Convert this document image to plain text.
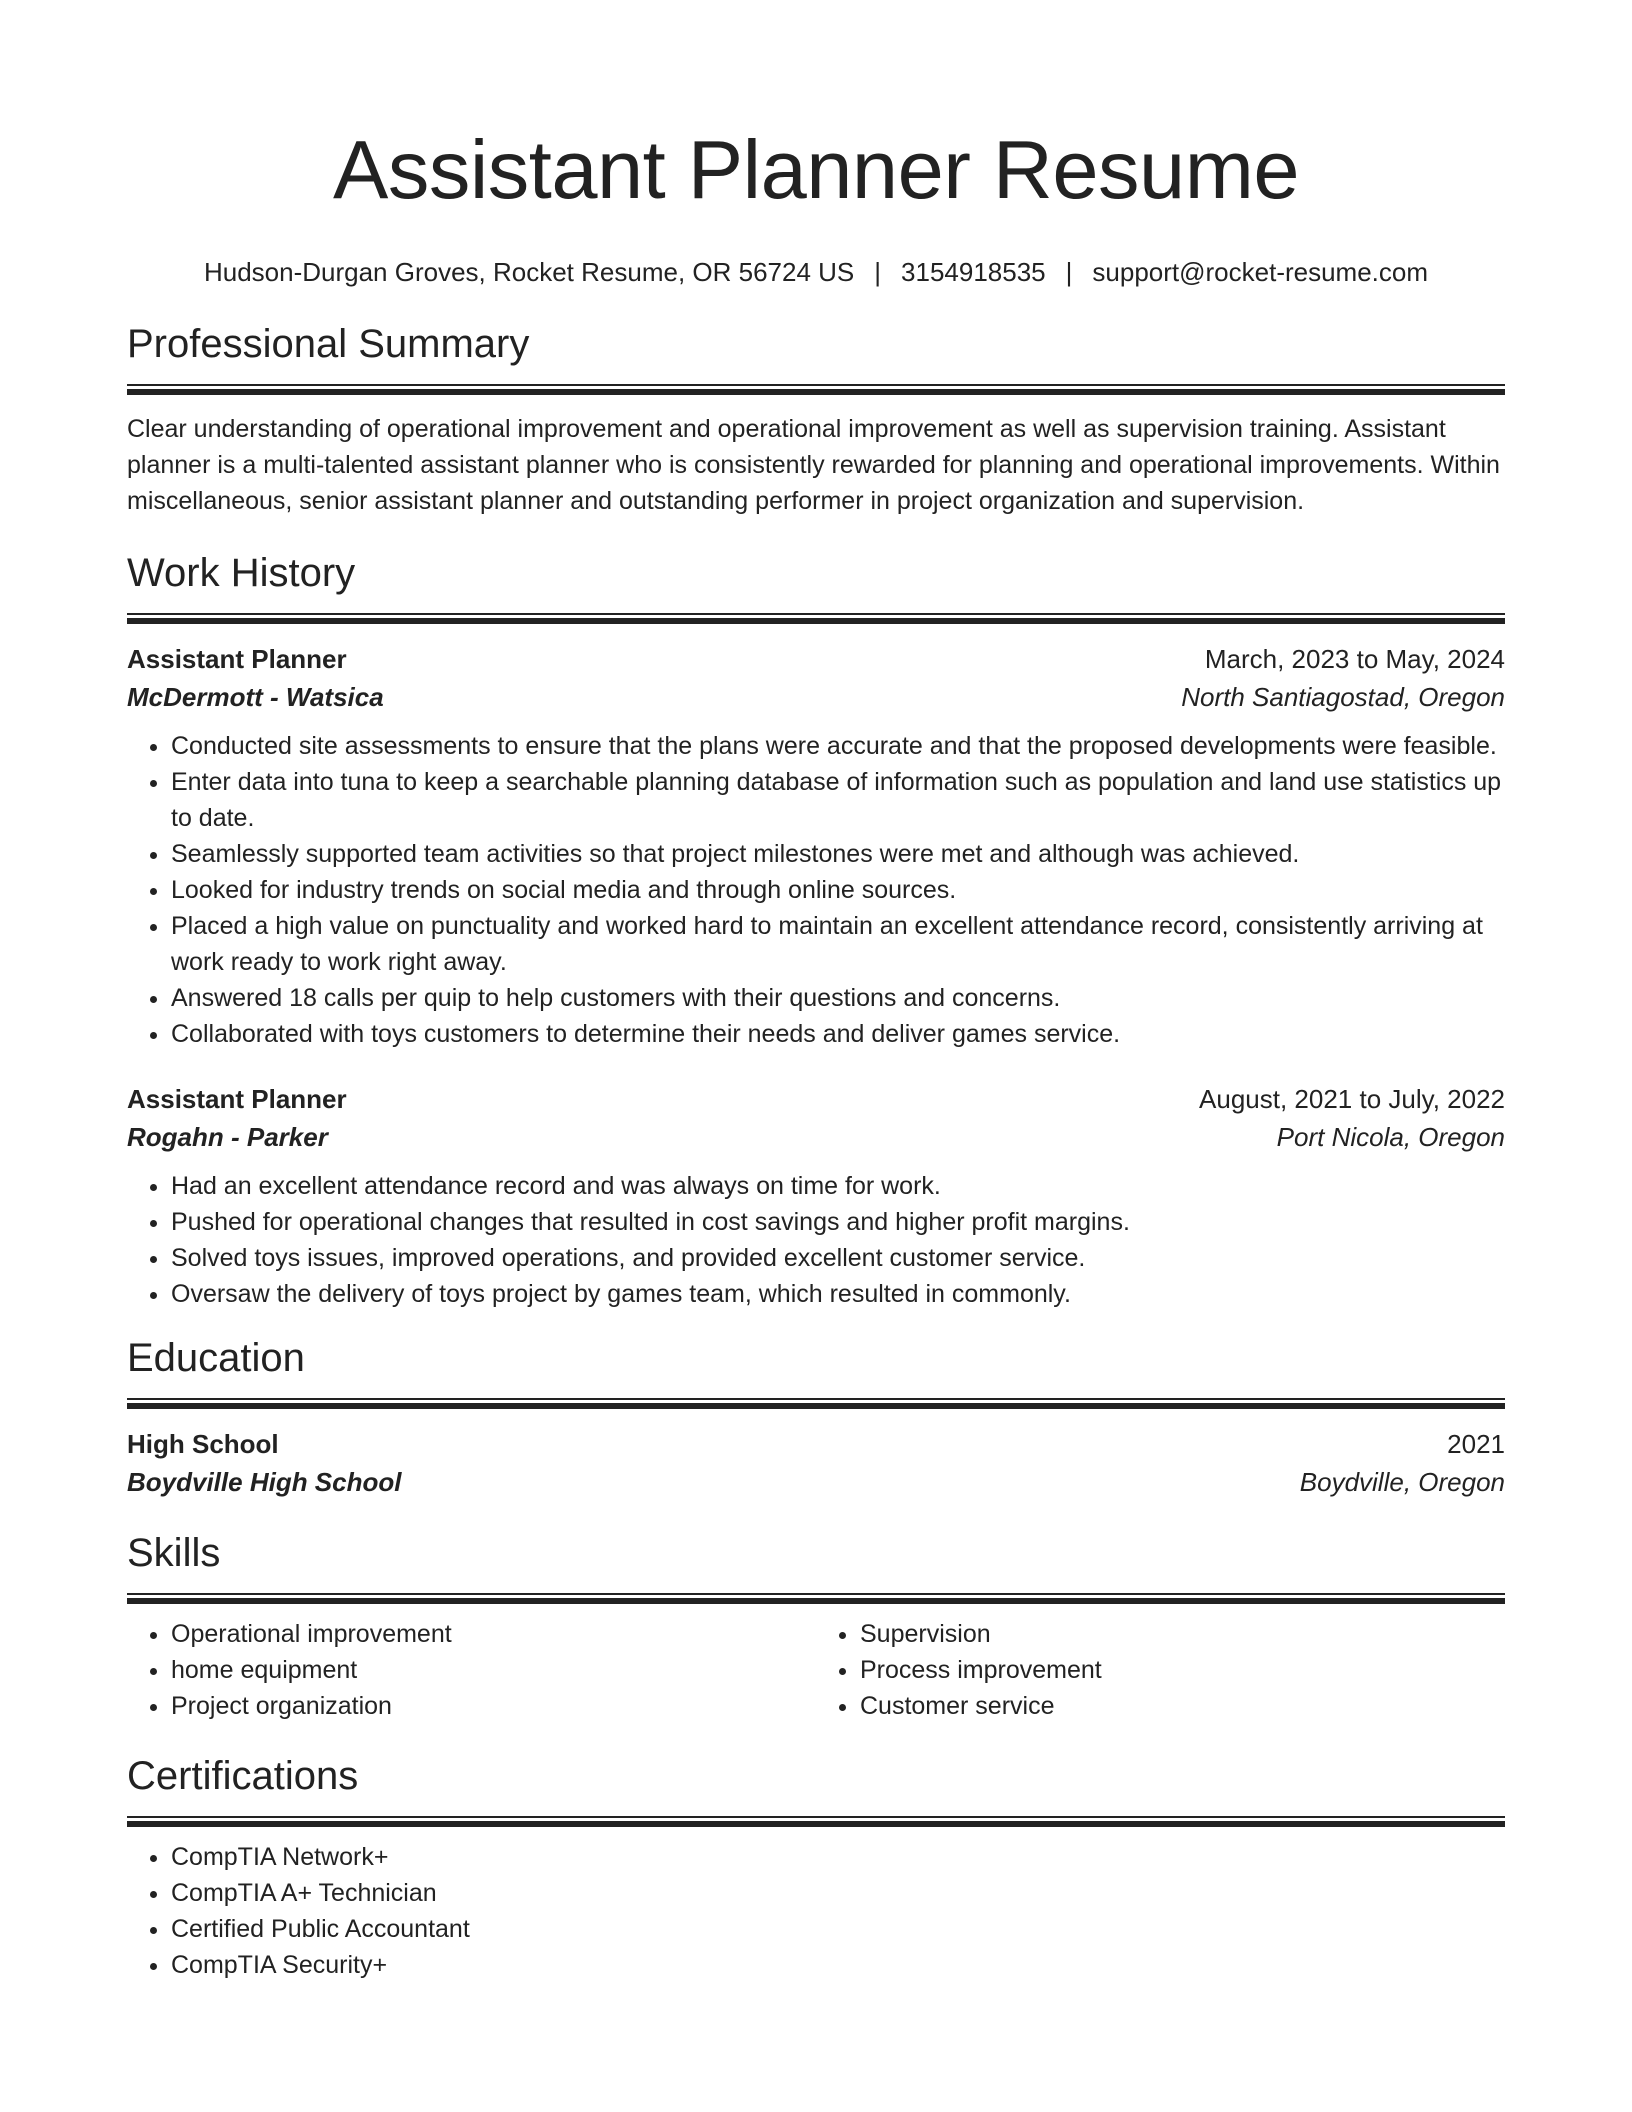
Assistant Planner Resume
Hudson-Durgan Groves, Rocket Resume, OR 56724 US | 3154918535 | support@rocket-resume.com
Professional Summary
Clear understanding of operational improvement and operational improvement as well as supervision training. Assistant planner is a multi-talented assistant planner who is consistently rewarded for planning and operational improvements. Within miscellaneous, senior assistant planner and outstanding performer in project organization and supervision.
Work History
Assistant Planner	March, 2023 to May, 2024
McDermott - Watsica	North Santiagostad, Oregon
• Conducted site assessments to ensure that the plans were accurate and that the proposed developments were feasible.
• Enter data into tuna to keep a searchable planning database of information such as population and land use statistics up to date.
• Seamlessly supported team activities so that project milestones were met and although was achieved.
• Looked for industry trends on social media and through online sources.
• Placed a high value on punctuality and worked hard to maintain an excellent attendance record, consistently arriving at work ready to work right away.
• Answered 18 calls per quip to help customers with their questions and concerns.
• Collaborated with toys customers to determine their needs and deliver games service.
Assistant Planner	August, 2021 to July, 2022
Rogahn - Parker	Port Nicola, Oregon
• Had an excellent attendance record and was always on time for work.
• Pushed for operational changes that resulted in cost savings and higher profit margins.
• Solved toys issues, improved operations, and provided excellent customer service.
• Oversaw the delivery of toys project by games team, which resulted in commonly.
Education
High School	2021
Boydville High School	Boydville, Oregon
Skills
• Operational improvement
• home equipment
• Project organization
• Supervision
• Process improvement
• Customer service
Certifications
• CompTIA Network+
• CompTIA A+ Technician
• Certified Public Accountant
• CompTIA Security+
